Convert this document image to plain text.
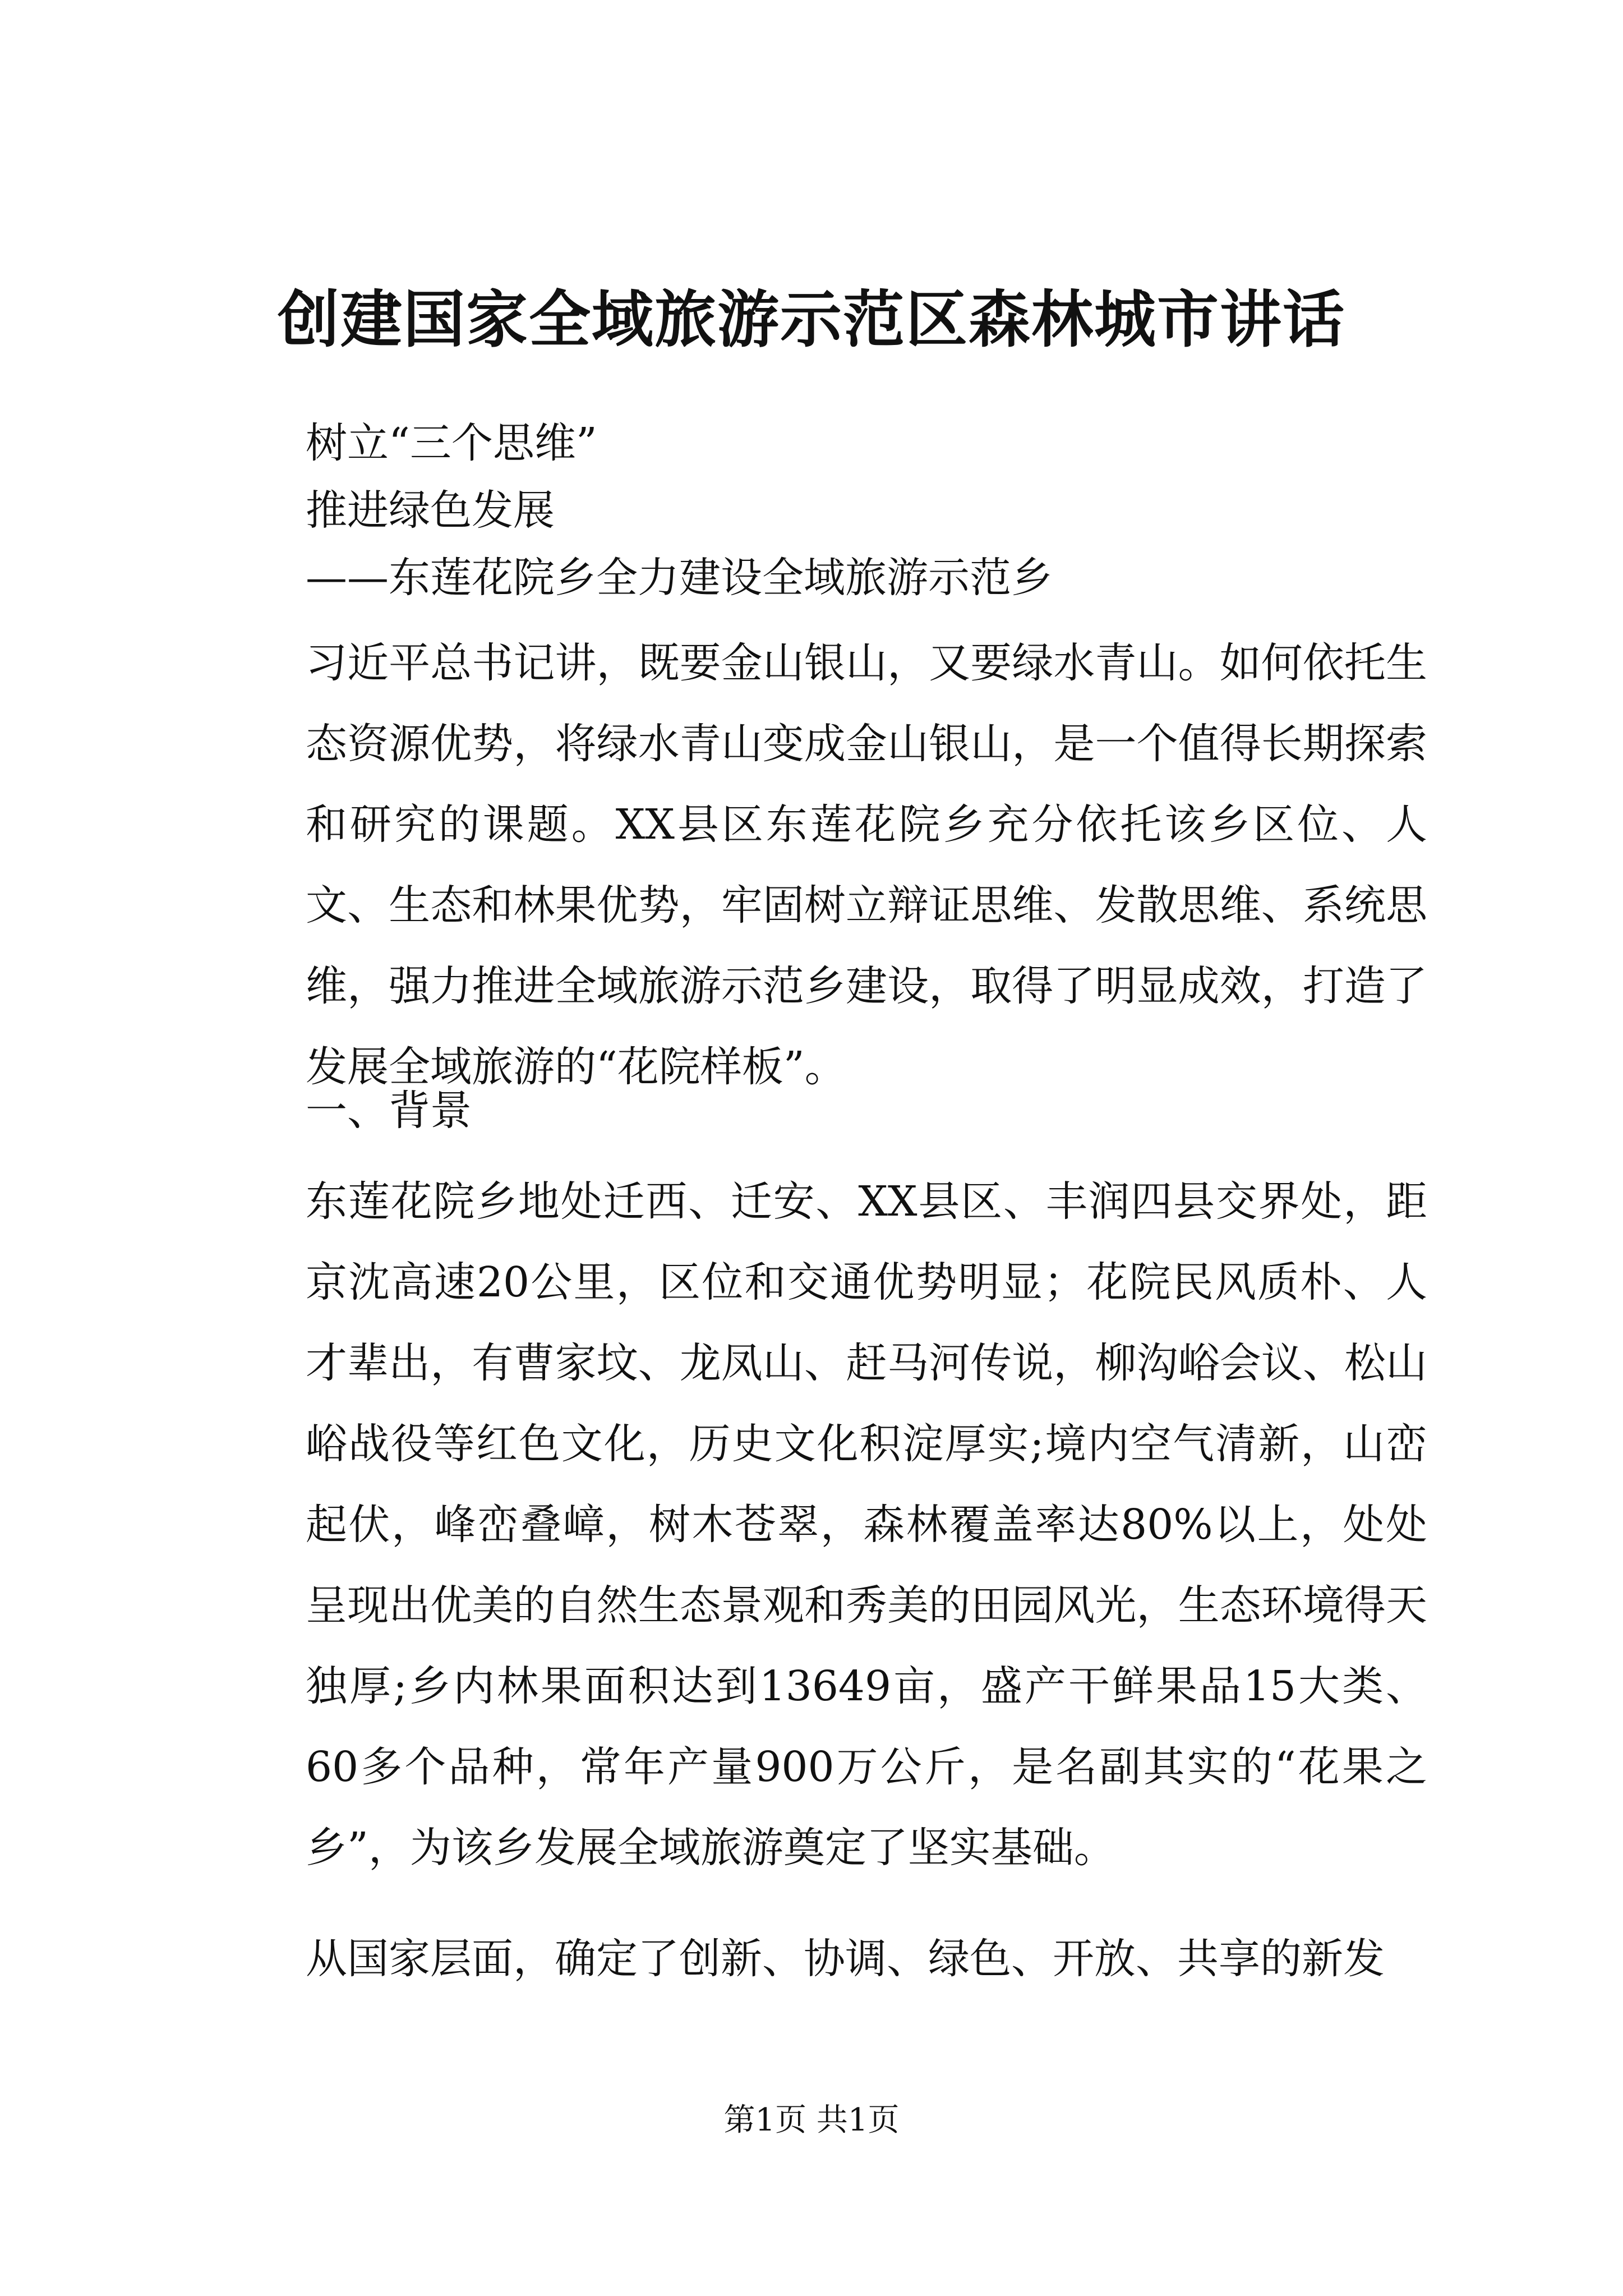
创建国家全域旅游示范区森林城市讲话
树立“三个思维”
推进绿色发展
——东莲花院乡全力建设全域旅游示范乡

习近平总书记讲，既要金山银山，又要绿水青山。如何依托生态资源优势，将绿水青山变成金山银山，是一个值得长期探索和研究的课题。XX县区东莲花院乡充分依托该乡区位、人文、生态和林果优势，牢固树立辩证思维、发散思维、系统思维，强力推进全域旅游示范乡建设，取得了明显成效，打造了发展全域旅游的“花院样板”。

一、背景

东莲花院乡地处迁西、迁安、XX县区、丰润四县交界处，距京沈高速20公里，区位和交通优势明显；花院民风质朴、人才辈出，有曹家坟、龙凤山、赶马河传说，柳沟峪会议、松山峪战役等红色文化，历史文化积淀厚实;境内空气清新，山峦起伏，峰峦叠嶂，树木苍翠，森林覆盖率达80%以上，处处呈现出优美的自然生态景观和秀美的田园风光，生态环境得天独厚;乡内林果面积达到13649亩，盛产干鲜果品15大类、60多个品种，常年产量900万公斤，是名副其实的“花果之乡”，为该乡发展全域旅游奠定了坚实基础。

从国家层面，确定了创新、协调、绿色、开放、共享的新发

第1页 共1页
